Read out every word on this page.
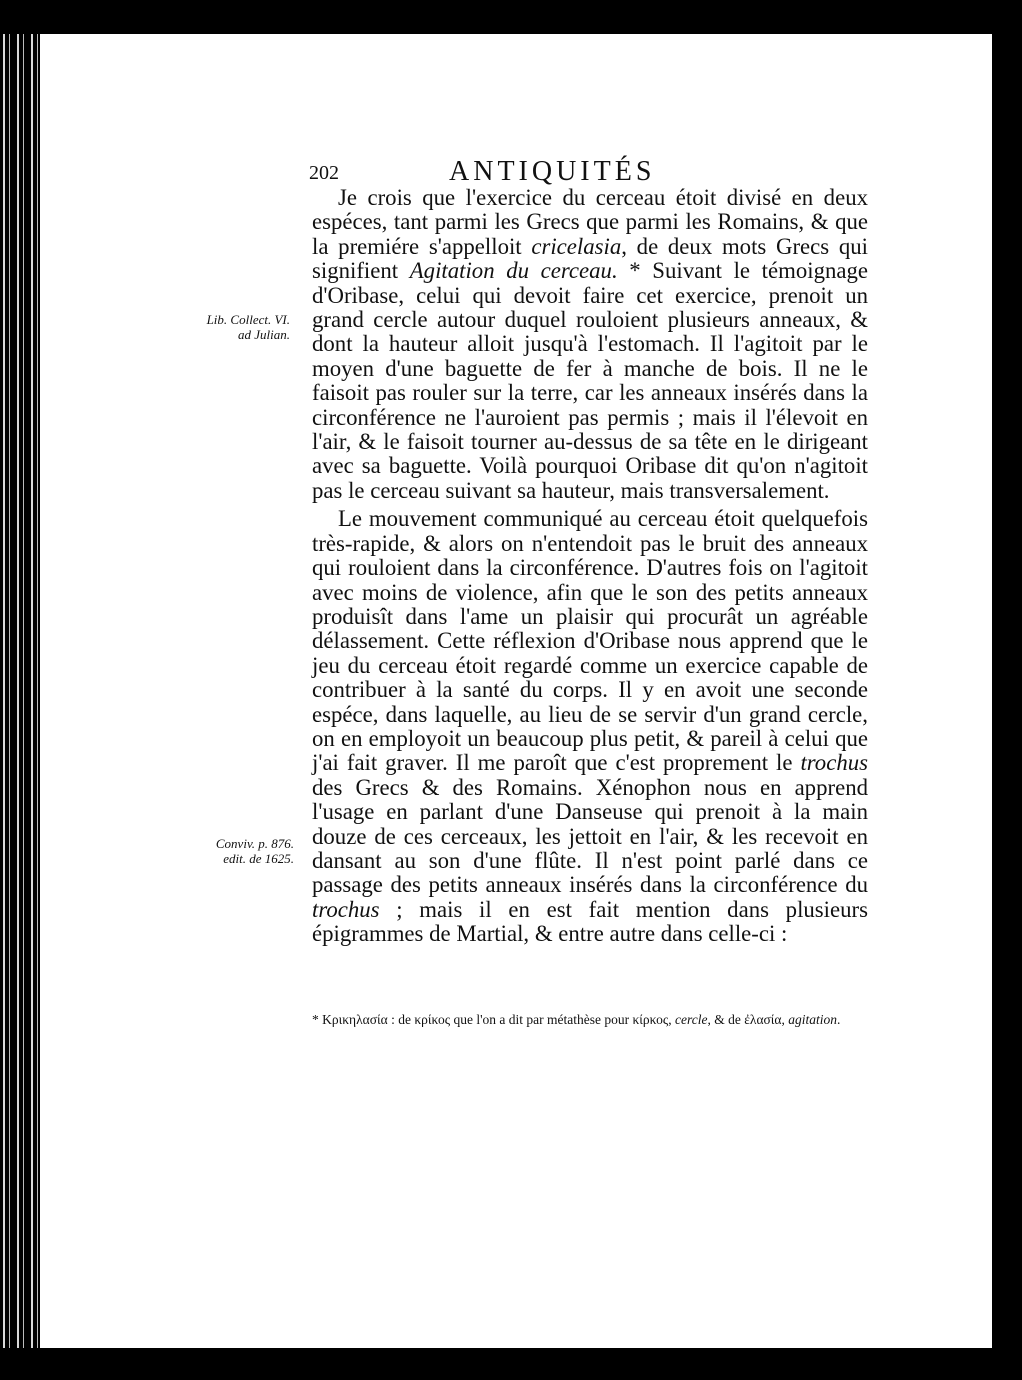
202	ANTIQUITÉS
Lib. Collect. VI.
ad Julian.
Conviv. p. 876.
edit. de 1625.

Je crois que l'exercice du cerceau étoit divisé en deux espéces, tant parmi les Grecs que parmi les Romains, & que la premiére s'appelloit cricelasia, de deux mots Grecs qui signifient Agitation du cerceau. * Suivant le témoignage d'Oribase, celui qui devoit faire cet exercice, prenoit un grand cercle autour duquel rouloient plusieurs anneaux, & dont la hauteur alloit jusqu'à l'estomach. Il l'agitoit par le moyen d'une baguette de fer à manche de bois. Il ne le faisoit pas rouler sur la terre, car les anneaux insérés dans la circonférence ne l'auroient pas permis ; mais il l'élevoit en l'air, & le faisoit tourner au-dessus de sa tête en le dirigeant avec sa baguette. Voilà pourquoi Oribase dit qu'on n'agitoit pas le cerceau suivant sa hauteur, mais transversalement.

Le mouvement communiqué au cerceau étoit quelquefois très-rapide, & alors on n'entendoit pas le bruit des anneaux qui rouloient dans la circonférence. D'autres fois on l'agitoit avec moins de violence, afin que le son des petits anneaux produisît dans l'ame un plaisir qui procurât un agréable délassement. Cette réflexion d'Oribase nous apprend que le jeu du cerceau étoit regardé comme un exercice capable de contribuer à la santé du corps. Il y en avoit une seconde espéce, dans laquelle, au lieu de se servir d'un grand cercle, on en employoit un beaucoup plus petit, & pareil à celui que j'ai fait graver. Il me paroît que c'est proprement le trochus des Grecs & des Romains. Xénophon nous en apprend l'usage en parlant d'une Danseuse qui prenoit à la main douze de ces cerceaux, les jettoit en l'air, & les recevoit en dansant au son d'une flûte. Il n'est point parlé dans ce passage des petits anneaux insérés dans la circonférence du trochus ; mais il en est fait mention dans plusieurs épigrammes de Martial, & entre autre dans celle-ci :

* Κρικηλασία : de κρίκος que l'on a dit par métathèse pour κίρκος, cercle, & de ἐλασία, agitation.
